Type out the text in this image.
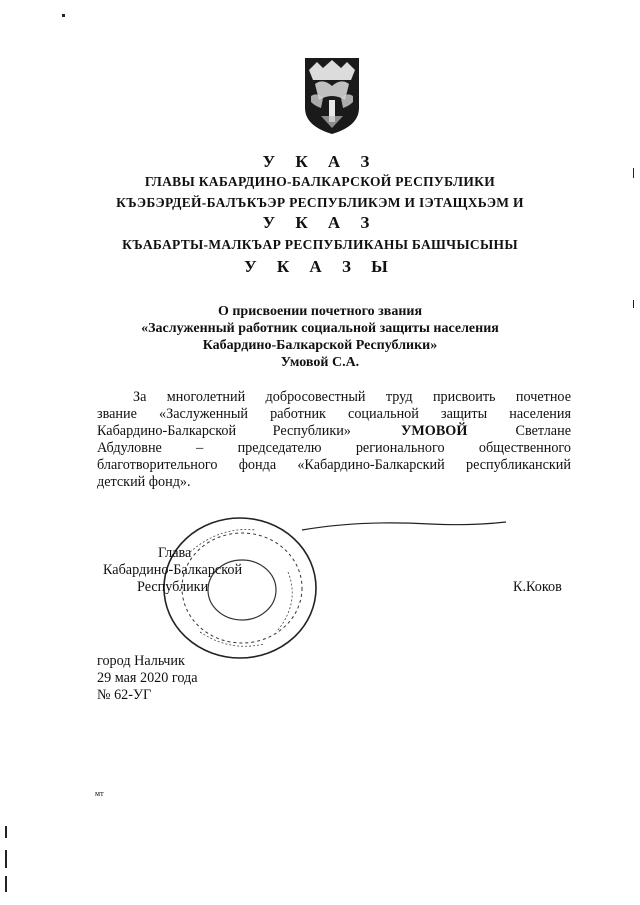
У К А З
ГЛАВЫ КАБАРДИНО-БАЛКАРСКОЙ РЕСПУБЛИКИ
КЪЭБЭРДЕЙ-БАЛЪКЪЭР РЕСПУБЛИКЭМ И ІЭТАЩХЬЭМ И
У К А З
КЪАБАРТЫ-МАЛКЪАР РЕСПУБЛИКАНЫ БАШЧЫСЫНЫ
У К А З Ы
О присвоении почетного звания
«Заслуженный работник социальной защиты населения
Кабардино-Балкарской Республики»
Умовой С.А.
За многолетний добросовестный труд присвоить почетное
звание «Заслуженный работник социальной защиты населения
Кабардино-Балкарской Республики»	УМОВОЙ	Светлане
Абдуловне – председателю регионального общественного
благотворительного фонда «Кабардино-Балкарский республиканский
детский фонд».
Глава
Кабардино-Балкарской
Республики	К.Коков
город Нальчик
29 мая 2020 года
№ 62-УГ
мт
